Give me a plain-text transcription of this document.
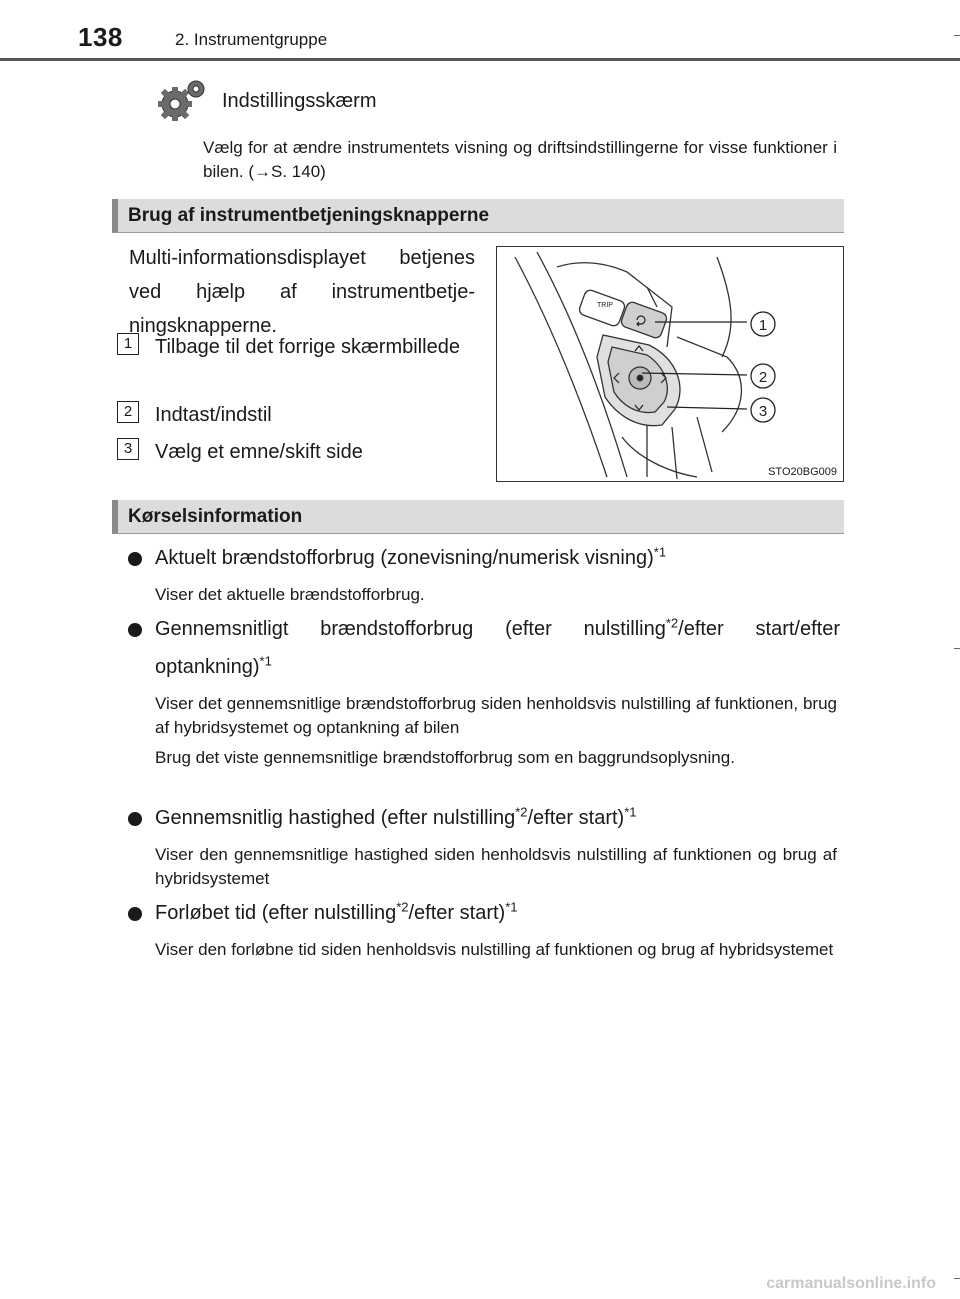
138	2. Instrumentgruppe
Indstillingsskærm
Vælg for at ændre instrumentets visning og driftsindstillingerne for visse funktioner i bilen. (→S. 140)
Brug af instrumentbetjeningsknapperne
Multi-informationsdisplayet betjenes ved hjælp af instrumentbetjeningsknapperne.
1	Tilbage til det forrige skærmbillede
2	Indtast/indstil
3	Vælg et emne/skift side
TRIP
1
2
3
STO20BG009
Kørselsinformation
Aktuelt brændstofforbrug (zonevisning/numerisk visning)$^{*1}$
Viser det aktuelle brændstofforbrug.
Gennemsnitligt brændstofforbrug (efter nulstilling$^{*2}$/efter start/efter optankning)$^{*1}$
Viser det gennemsnitlige brændstofforbrug siden henholdsvis nulstilling af funktionen, brug af hybridsystemet og optankning af bilen
Brug det viste gennemsnitlige brændstofforbrug som en baggrundsoplysning.
Gennemsnitlig hastighed (efter nulstilling$^{*2}$/efter start)$^{*1}$
Viser den gennemsnitlige hastighed siden henholdsvis nulstilling af funktionen og brug af hybridsystemet
Forløbet tid (efter nulstilling$^{*2}$/efter start)$^{*1}$
Viser den forløbne tid siden henholdsvis nulstilling af funktionen og brug af hybridsystemet
carmanualsonline.info
